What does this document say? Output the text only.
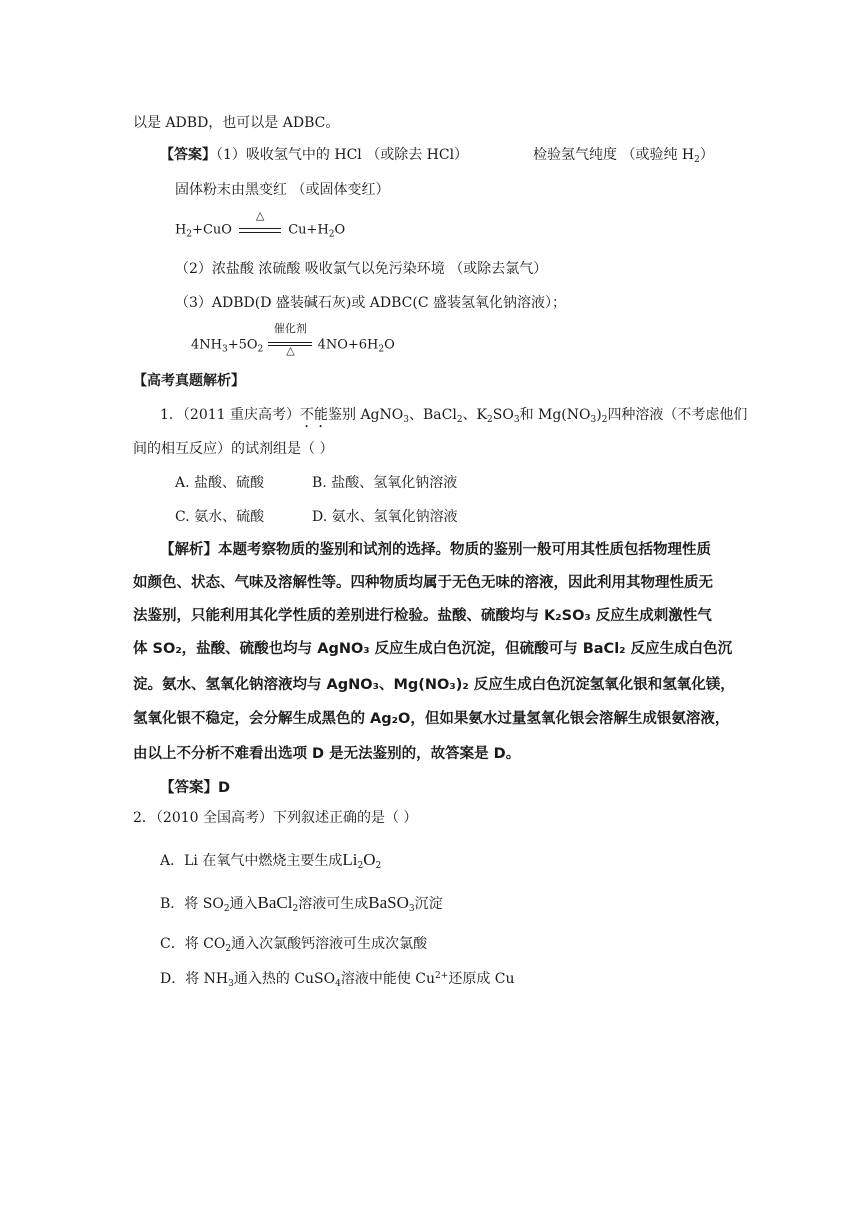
以是 ADBD，也可以是 ADBC。
【答案】（1）吸收氢气中的 HCl （或除去 HCl）	检验氢气纯度 （或验纯 $H_2$）
固体粉末由黑变红 （或固体变红）
$H_2+CuO$
△
$Cu+H_2O$
（2）浓盐酸 浓硫酸 吸收氯气以免污染环境 （或除去氯气）
（3）ADBD(D 盛装碱石灰)或 ADBC(C 盛装氢氧化钠溶液）；
$4NH_3+5O_2$
催化剂
△	$4NO+6H_2O$
【高考真题解析】
1．（2011 重庆高考）不能鉴别 AgNO$_3$、BaCl$_2$、$K_2SO_3$和 $Mg(NO_3)_2$四种溶液（不考虑他们
间的相互反应）的试剂组是（ ）
A. 盐酸、硫酸	B. 盐酸、氢氧化钠溶液
C. 氨水、硫酸	D. 氨水、氢氧化钠溶液
【解析】本题考察物质的鉴别和试剂的选择。物质的鉴别一般可用其性质包括物理性质
如颜色、状态、气味及溶解性等。四种物质均属于无色无味的溶液，因此利用其物理性质无
法鉴别，只能利用其化学性质的差别进行检验。盐酸、硫酸均与 K₂SO₃ 反应生成刺激性气
体 SO₂，盐酸、硫酸也均与 AgNO₃ 反应生成白色沉淀，但硫酸可与 BaCl₂ 反应生成白色沉
淀。氨水、氢氧化钠溶液均与 AgNO₃、Mg(NO₃)₂ 反应生成白色沉淀氢氧化银和氢氧化镁，
氢氧化银不稳定，会分解生成黑色的 Ag₂O，但如果氨水过量氢氧化银会溶解生成银氨溶液，
由以上不分析不难看出选项 D 是无法鉴别的，故答案是 D。
【答案】D
2．（2010 全国高考）下列叙述正确的是（ ）
A．Li 在氧气中燃烧主要生成$Li_2O_2$
B．将 $SO_2$通入BaCl$_2$溶液可生成BaSO$_3$沉淀
C．将 $CO_2$通入次氯酸钙溶液可生成次氯酸
D．将 $NH_3$通入热的 CuSO$_4$溶液中能使 $Cu^{2+}$还原成 Cu
